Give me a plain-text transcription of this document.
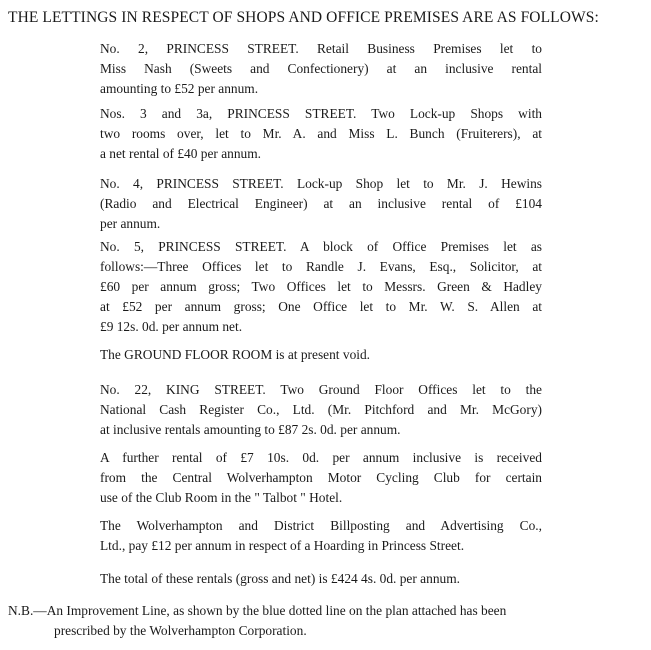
THE LETTINGS IN RESPECT OF SHOPS AND OFFICE PREMISES ARE AS FOLLOWS:
No. 2, PRINCESS STREET. Retail Business Premises let to
Miss Nash (Sweets and Confectionery) at an inclusive rental
amounting to £52 per annum.
Nos. 3 and 3a, PRINCESS STREET. Two Lock-up Shops with
two rooms over, let to Mr. A. and Miss L. Bunch (Fruiterers), at
a net rental of £40 per annum.
No. 4, PRINCESS STREET. Lock-up Shop let to Mr. J. Hewins
(Radio and Electrical Engineer) at an inclusive rental of £104
per annum.
No. 5, PRINCESS STREET. A block of Office Premises let as
follows:—Three Offices let to Randle J. Evans, Esq., Solicitor, at
£60 per annum gross; Two Offices let to Messrs. Green & Hadley
at £52 per annum gross; One Office let to Mr. W. S. Allen at
£9 12s. 0d. per annum net.
The GROUND FLOOR ROOM is at present void.
No. 22, KING STREET. Two Ground Floor Offices let to the
National Cash Register Co., Ltd. (Mr. Pitchford and Mr. McGory)
at inclusive rentals amounting to £87 2s. 0d. per annum.
A further rental of £7 10s. 0d. per annum inclusive is received
from the Central Wolverhampton Motor Cycling Club for certain
use of the Club Room in the " Talbot " Hotel.
The Wolverhampton and District Billposting and Advertising Co.,
Ltd., pay £12 per annum in respect of a Hoarding in Princess Street.
The total of these rentals (gross and net) is £424 4s. 0d. per annum.
N.B.—An Improvement Line, as shown by the blue dotted line on the plan attached has been
prescribed by the Wolverhampton Corporation.
